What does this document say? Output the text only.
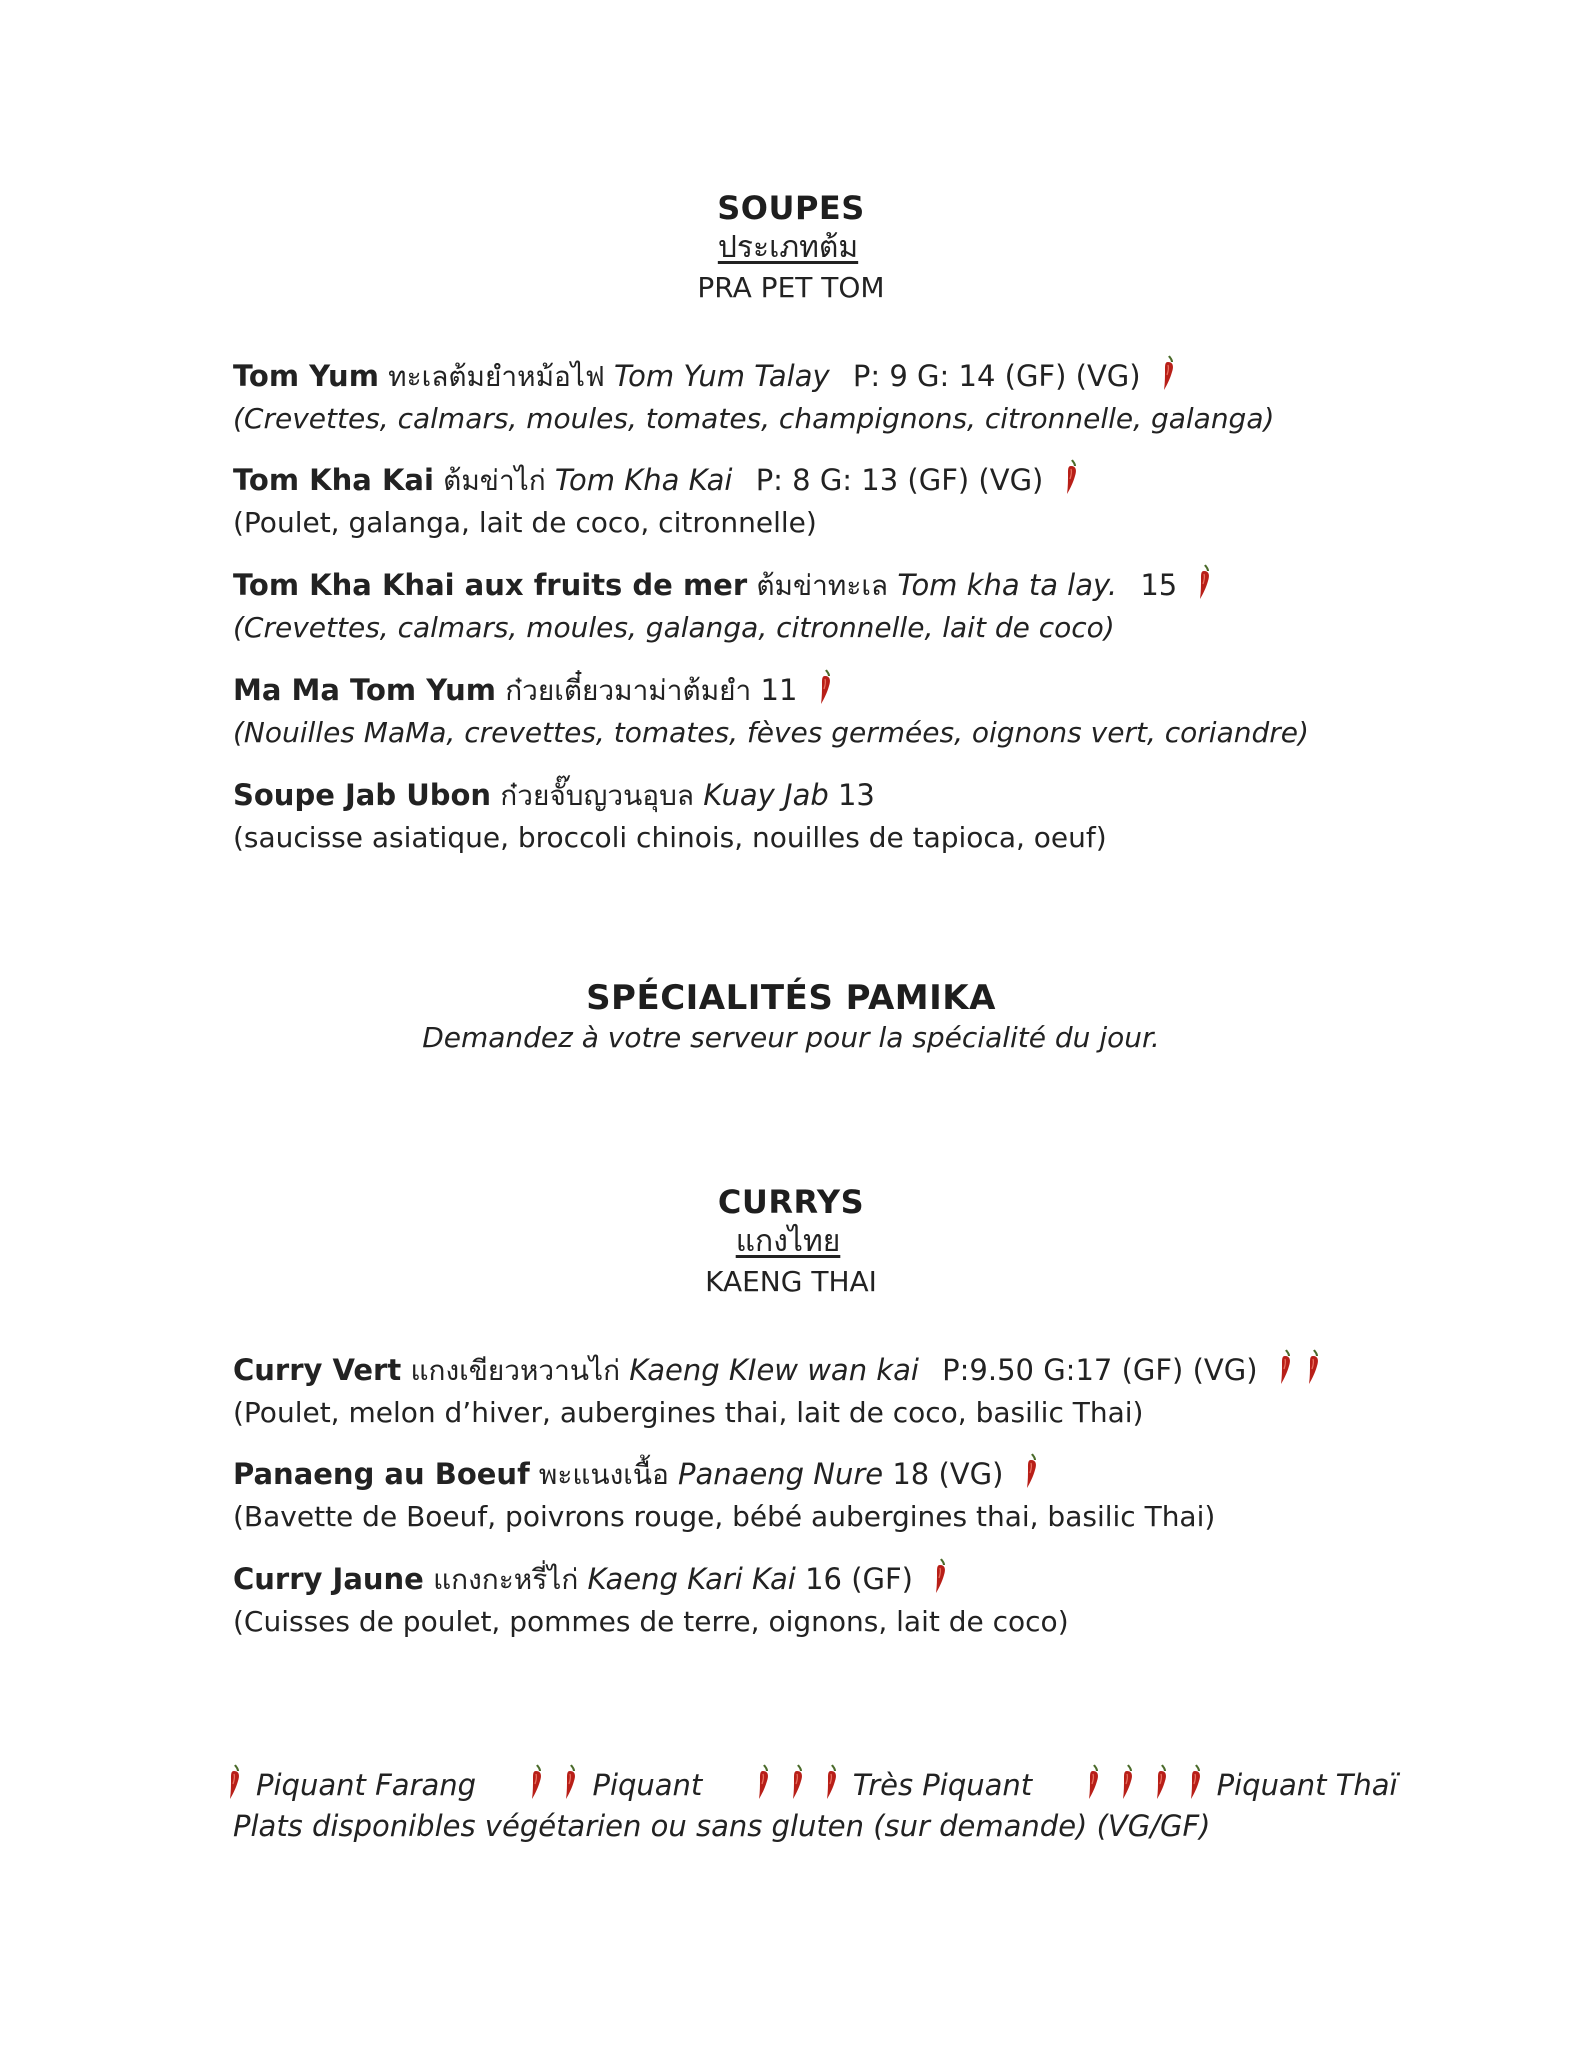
SOUPES
ประเภทต้ม
PRA PET TOM
Tom Yum ทะเลต้มยำหม้อไฟ Tom Yum Talay P: 9 G: 14 (GF) (VG)
(Crevettes, calmars, moules, tomates, champignons, citronnelle, galanga)
Tom Kha Kai ต้มข่าไก่ Tom Kha Kai P: 8 G: 13 (GF) (VG)
(Poulet, galanga, lait de coco, citronnelle)
Tom Kha Khai aux fruits de mer ต้มข่าทะเล Tom kha ta lay. 15
(Crevettes, calmars, moules, galanga, citronnelle, lait de coco)
Ma Ma Tom Yum ก๋วยเตี๋ยวมาม่าต้มยำ 11
(Nouilles MaMa, crevettes, tomates, fèves germées, oignons vert, coriandre)
Soupe Jab Ubon ก๋วยจั๊บญวนอุบล Kuay Jab 13
(saucisse asiatique, broccoli chinois, nouilles de tapioca, oeuf)
SPÉCIALITÉS PAMIKA
Demandez à votre serveur pour la spécialité du jour.
CURRYS
แกงไทย
KAENG THAI
Curry Vert แกงเขียวหวานไก่ Kaeng KIew wan kai P:9.50 G:17 (GF) (VG)
(Poulet, melon d’hiver, aubergines thai, lait de coco, basilic Thai)
Panaeng au Boeuf พะแนงเนื้อ Panaeng Nure 18 (VG)
(Bavette de Boeuf, poivrons rouge, bébé aubergines thai, basilic Thai)
Curry Jaune แกงกะหรี่ไก่ Kaeng Kari Kai 16 (GF)
(Cuisses de poulet, pommes de terre, oignons, lait de coco)
Piquant Farang	Piquant	Très Piquant	Piquant Thaï
Plats disponibles végétarien ou sans gluten (sur demande) (VG/GF)
